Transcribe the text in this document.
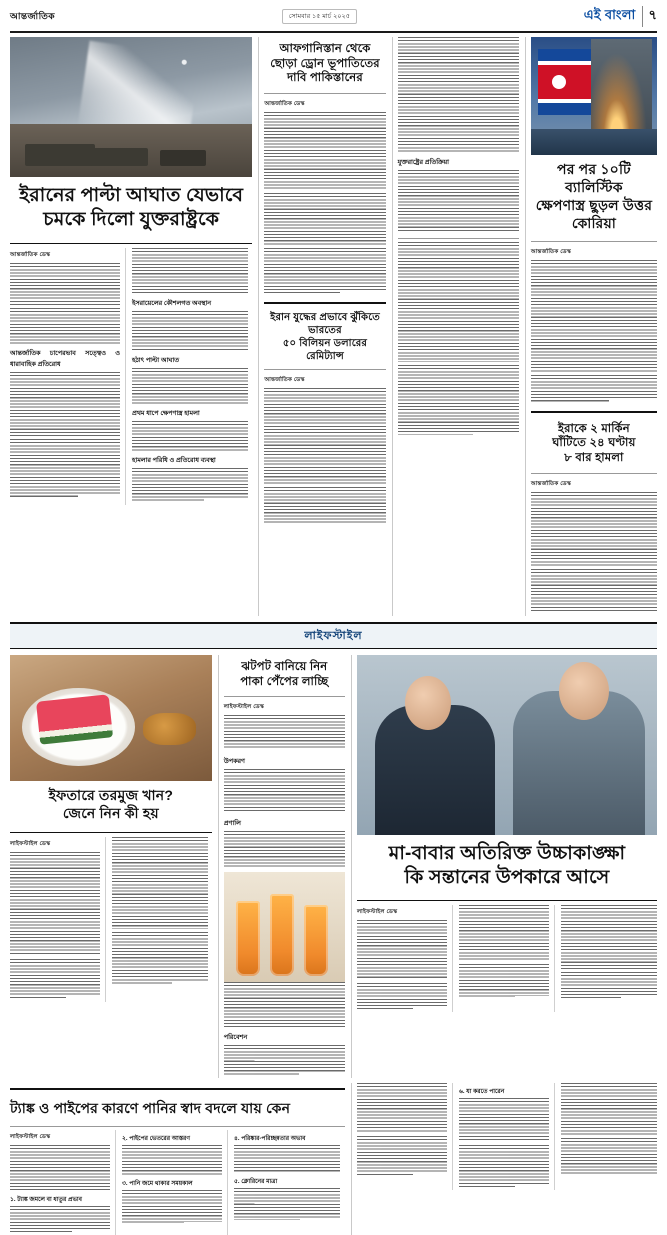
আন্তর্জাতিক	সোমবার ১৫ মার্চ ২০২৫	এই বাংলা	৭
ইরানের পাল্টা আঘাত যেভাবে
চমকে দিলো যুক্তরাষ্ট্রকে
আন্তর্জাতিক ডেস্ক
আন্তর্জাতিক চাপেরভাব সত্ত্বেও ও ধারাবাহিক প্রতিরোধ
ইসরায়েলের কৌশলগত অবস্থান
হঠাৎ পাল্টা আঘাত
প্রথম ধাপে ক্ষেপণাস্ত্র হামলা
হামলার পরিধি ও প্রতিরোধ ব্যবস্থা
আফগানিস্তান থেকে ছোড়া ড্রোন ভূপাতিতের দাবি পাকিস্তানের
আন্তর্জাতিক ডেস্ক
ইরান যুদ্ধের প্রভাবে ঝুঁকিতে ভারতের
৫০ বিলিয়ন ডলারের রেমিট্যান্স
আন্তর্জাতিক ডেস্ক
যুক্তরাষ্ট্রের প্রতিক্রিয়া	পর পর ১০টি ব্যালিস্টিক
ক্ষেপণাস্ত্র ছুড়ল উত্তর কোরিয়া
আন্তর্জাতিক ডেস্ক
ইরাকে ২ মার্কিন
ঘাঁটিতে ২৪ ঘণ্টায়
৮ বার হামলা
আন্তর্জাতিক ডেস্ক
লাইফস্টাইল
ইফতারে তরমুজ খান?
জেনে নিন কী হয়
লাইফস্টাইল ডেস্ক
ঝটপট বানিয়ে নিন
পাকা পেঁপের লাচ্ছি
লাইফস্টাইল ডেস্ক
উপকরণ
প্রণালি
পরিবেশন
মা-বাবার অতিরিক্ত উচ্চাকাঙ্ক্ষা
কি সন্তানের উপকারে আসে
লাইফস্টাইল ডেস্ক
ট্যাঙ্ক ও পাইপের কারণে পানির স্বাদ বদলে যায় কেন
লাইফস্টাইল ডেস্ক
১. ট্যাঙ্ক জমলে বা ধাতুর প্রভাব
২. পাইপের ভেতরের আস্তরণ
৩. পানি জমে থাকার সময়কাল
৪. পরিষ্কার-পরিচ্ছন্নতার অভাব
৫. ক্লোরিনের মাত্রা
৬. যা করতে পারেন
